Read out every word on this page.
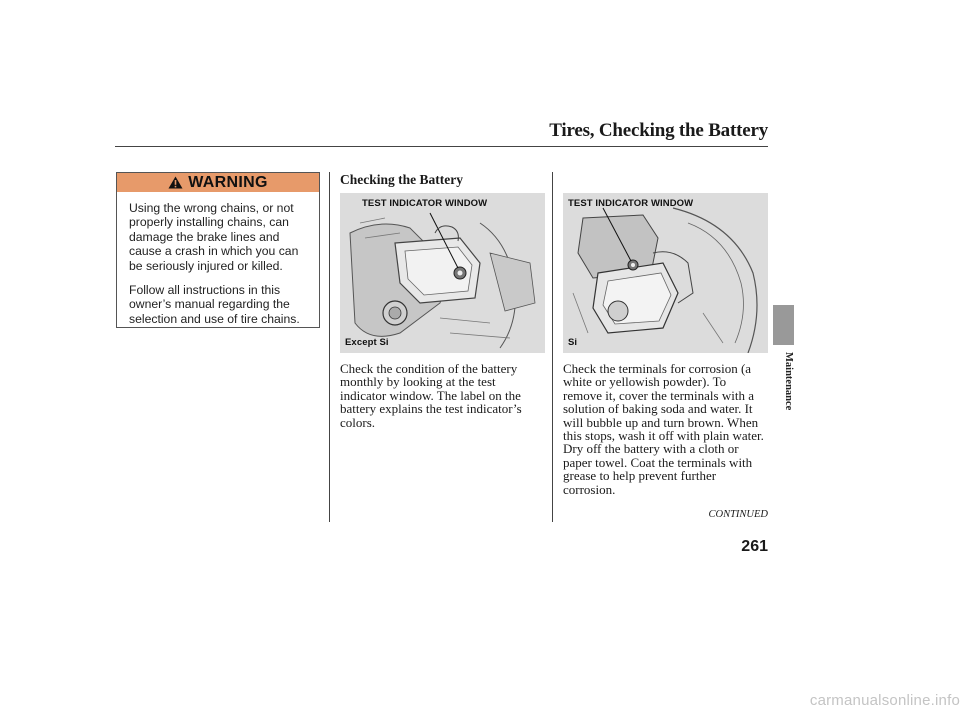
Tires, Checking the Battery
WARNING

Using the wrong chains, or not properly installing chains, can damage the brake lines and cause a crash in which you can be seriously injured or killed.

Follow all instructions in this owner’s manual regarding the selection and use of tire chains.

Checking the Battery
TEST INDICATOR WINDOW
Except Si
TEST INDICATOR WINDOW
Si
Check the condition of the battery monthly by looking at the test indicator window. The label on the battery explains the test indicator’s colors.
Check the terminals for corrosion (a white or yellowish powder). To remove it, cover the terminals with a solution of baking soda and water. It will bubble up and turn brown. When this stops, wash it off with plain water. Dry off the battery with a cloth or paper towel. Coat the terminals with grease to help prevent further corrosion.
CONTINUED
Maintenance
261
carmanualsonline.info
